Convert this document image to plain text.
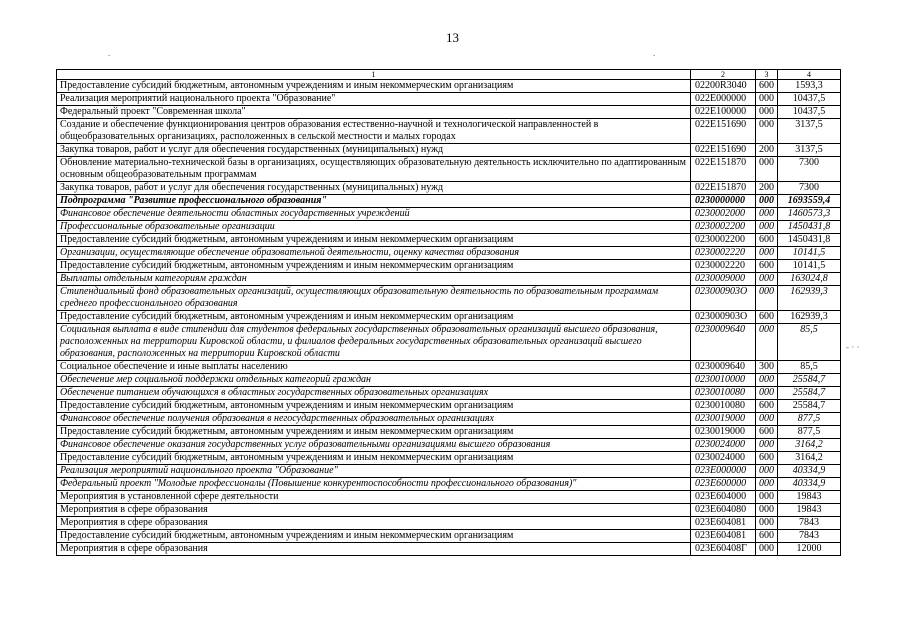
13
.	.
- · ·
1	2	3	4
Предоставление субсидий бюджетным, автономным учреждениям и иным некоммерческим организациям	02200R3040	600	1593,3
Реализация мероприятий национального проекта "Образование"	022E000000	000	10437,5
Федеральный проект "Современная школа"	022E100000	000	10437,5
Создание и обеспечение функционирования центров образования естественно-научной и технологической направленностей в общеобразовательных организациях, расположенных в сельской местности и малых городах	022E151690	000	3137,5
Закупка товаров, работ и услуг для обеспечения государственных (муниципальных) нужд	022E151690	200	3137,5
Обновление материально-технической базы в организациях, осуществляющих образовательную деятельность исключительно по адаптированным основным общеобразовательным программам	022E151870	000	7300
Закупка товаров, работ и услуг для обеспечения государственных (муниципальных) нужд	022E151870	200	7300
Подпрограмма "Развитие профессионального образования"	0230000000	000	1693559,4
Финансовое обеспечение деятельности областных государственных учреждений	0230002000	000	1460573,3
Профессиональные образовательные организации	0230002200	000	1450431,8
Предоставление субсидий бюджетным, автономным учреждениям и иным некоммерческим организациям	0230002200	600	1450431,8
Организации, осуществляющие обеспечение образовательной деятельности, оценку качества образования	0230002220	000	10141,5
Предоставление субсидий бюджетным, автономным учреждениям и иным некоммерческим организациям	0230002220	600	10141,5
Выплаты отдельным категориям граждан	0230009000	000	163024,8
Стипендиальный фонд образовательных организаций, осуществляющих образовательную деятельность по образовательным программам среднего профессионального образования	023000903О	000	162939,3
Предоставление субсидий бюджетным, автономным учреждениям и иным некоммерческим организациям	023000903О	600	162939,3
Социальная выплата в виде стипендии для студентов федеральных государственных образовательных организаций высшего образования, расположенных на территории Кировской области, и филиалов федеральных государственных образовательных организаций высшего образования, расположенных на территории Кировской области	0230009640	000	85,5
Социальное обеспечение и иные выплаты населению	0230009640	300	85,5
Обеспечение мер социальной поддержки отдельных категорий граждан	0230010000	000	25584,7
Обеспечение питанием обучающихся в областных государственных образовательных организациях	0230010080	000	25584,7
Предоставление субсидий бюджетным, автономным учреждениям и иным некоммерческим организациям	0230010080	600	25584,7
Финансовое обеспечение получения образования в негосударственных образовательных организациях	0230019000	000	877,5
Предоставление субсидий бюджетным, автономным учреждениям и иным некоммерческим организациям	0230019000	600	877,5
Финансовое обеспечение оказания государственных услуг образовательными организациями высшего образования	0230024000	000	3164,2
Предоставление субсидий бюджетным, автономным учреждениям и иным некоммерческим организациям	0230024000	600	3164,2
Реализация мероприятий национального проекта "Образование"	023E000000	000	40334,9
Федеральный проект "Молодые профессионалы (Повышение конкурентоспособности профессионального образования)"	023E600000	000	40334,9
Мероприятия в установленной сфере деятельности	023E604000	000	19843
Мероприятия в сфере образования	023E604080	000	19843
Мероприятия в сфере образования	023E604081	000	7843
Предоставление субсидий бюджетным, автономным учреждениям и иным некоммерческим организациям	023E604081	600	7843
Мероприятия в сфере образования	023E60408Г	000	12000
